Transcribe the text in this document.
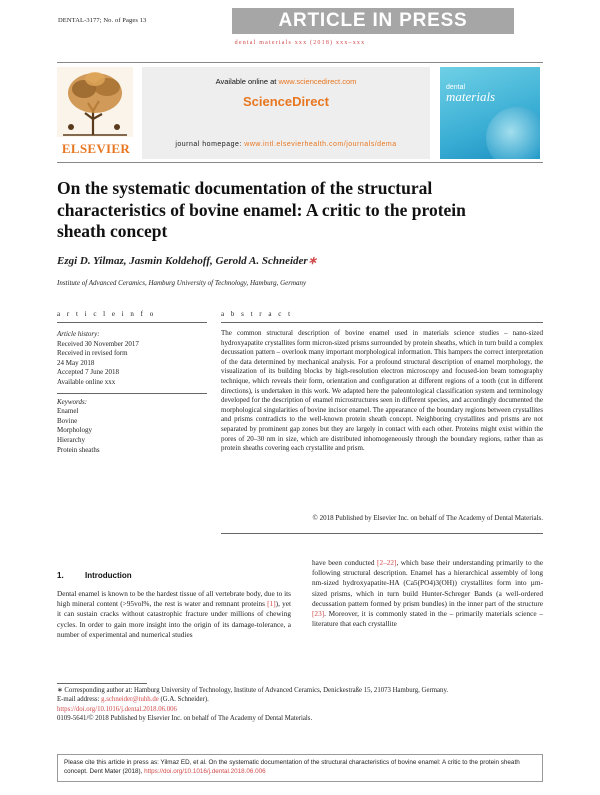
DENTAL-3177; No. of Pages 13	ARTICLE IN PRESS
dental materials xxx (2018) xxx–xxx
ELSEVIER
Available online at www.sciencedirect.com
ScienceDirect
journal homepage: www.intl.elsevierhealth.com/journals/dema
dental
materials
On the systematic documentation of the structural characteristics of bovine enamel: A critic to the protein sheath concept
Ezgi D. Yilmaz, Jasmin Koldehoff, Gerold A. Schneider∗
Institute of Advanced Ceramics, Hamburg University of Technology, Hamburg, Germany
a r t i c l e i n f o	a b s t r a c t
Article history:
Received 30 November 2017
Received in revised form
24 May 2018
Accepted 7 June 2018
Available online xxx
Keywords:
Enamel
Bovine
Morphology
Hierarchy
Protein sheaths
The common structural description of bovine enamel used in materials science studies – nano-sized hydroxyapatite crystallites form micron-sized prisms surrounded by protein sheaths, which in turn build a complex decussation pattern – overlook many important morphological information. This hampers the correct interpretation of the data determined by mechanical analysis. For a profound structural description of enamel morphology, the visualization of its building blocks by high-resolution electron microscopy and focused-ion beam tomography technique, which reveals their form, orientation and configuration at different regions of a tooth (cut in different directions), is undertaken in this work. We adapted here the paleontological classification system and terminology developed for the description of enamel microstructures seen in different species, and accordingly documented the morphological singularities of bovine incisor enamel. The appearance of the boundary regions between crystallites and prisms contradicts to the well-known protein sheath concept. Neighboring crystallites and prisms are not separated by prominent gap zones but they are largely in contact with each other. Proteins might exist within the pores of 20–30 nm in size, which are distributed inhomogeneously through the boundary regions, rather than as protein sheaths covering each crystallite and prism.
© 2018 Published by Elsevier Inc. on behalf of The Academy of Dental Materials.
1.	Introduction
Dental enamel is known to be the hardest tissue of all vertebrate body, due to its high mineral content (>95vol%, the rest is water and remnant proteins [1]), yet it can sustain cracks without catastrophic fracture under millions of chewing cycles. In order to gain more insight into the origin of its damage-tolerance, a number of experimental and numerical studies
have been conducted [2–22], which base their understanding primarily to the following structural description. Enamel has a hierarchical assembly of long nm-sized hydroxyapatite-HA (Ca5(PO4)3(OH)) crystallites form into µm-sized prisms, which in turn build Hunter-Schreger Bands (a well-ordered decussation pattern formed by prism bundles) in the inner part of the structure [23]. Moreover, it is commonly stated in the – primarily materials science – literature that each crystallite
∗ Corresponding author at: Hamburg University of Technology, Institute of Advanced Ceramics, Denickestraße 15, 21073 Hamburg, Germany.
E-mail address: g.schneider@tuhh.de (G.A. Schneider).
https://doi.org/10.1016/j.dental.2018.06.006
0109-5641/© 2018 Published by Elsevier Inc. on behalf of The Academy of Dental Materials.
Please cite this article in press as: Yilmaz ED, et al. On the systematic documentation of the structural characteristics of bovine enamel: A critic to the protein sheath concept. Dent Mater (2018), https://doi.org/10.1016/j.dental.2018.06.006
